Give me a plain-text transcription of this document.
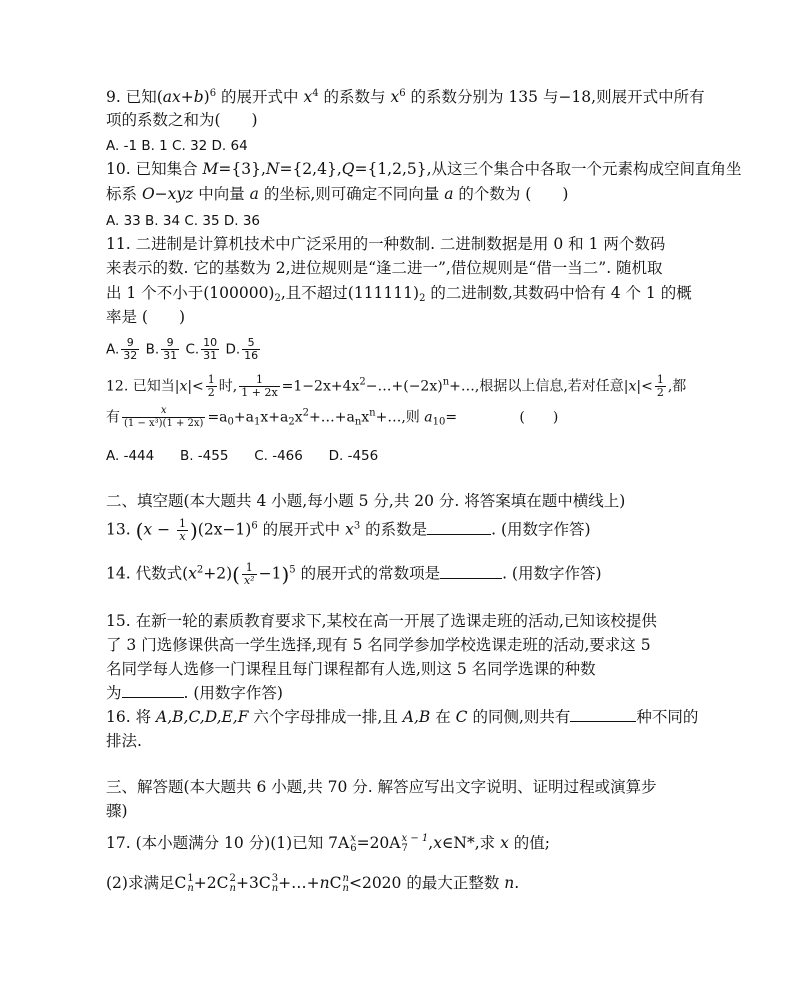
9. 已知$(ax+b)^6$ 的展开式中 $x^4$ 的系数与 $x^6$ 的系数分别为 135 与−18,则展开式中所有
项的系数之和为(　　)
A. -1 B. 1 C. 32 D. 64
10. 已知集合 M={3},N={2,4},Q={1,2,5},从这三个集合中各取一个元素构成空间直角坐
标系 O−xyz 中向量 a 的坐标,则可确定不同向量 a 的个数为 (　　)
A. 33 B. 34 C. 35 D. 36
11. 二进制是计算机技术中广泛采用的一种数制. 二进制数据是用 0 和 1 两个数码
来表示的数. 它的基数为 2,进位规则是“逢二进一”,借位规则是“借一当二”. 随机取
出 1 个不小于$(100000)_2$,且不超过$(111111)_2$ 的二进制数,其数码中恰有 4 个 1 的概
率是 (　　)
A. $\frac{9}{32} B$. $\frac{9}{31} C$. $\frac{10}{31} D$. $\frac{5}{16}$
12. 已知当$|x|< \frac{1}{2}$ 时, $\frac{1}{1 + 2x}$ $=1-2x+4x^2-\dots+(-2x)^n+\dots$,根据以上信息,若对任意$|x|< \frac{1}{2}$ ,都
有 $\frac{x}{\text{(1 − x³)(1 + 2x)}}$ $=a_0+a_1x+a_2x^2+\dots+a_nx^n+\dots$,则 $a_{10}=$              (　　)
A. -444      B. -455      C. -466      D. -456
二、填空题(本大题共 4 小题,每小题 5 分,共 20 分. 将答案填在题中横线上)
13. $(x - \frac{1}{x} )(2x-1)^6$ 的展开式中 $x^3$ 的系数是	. (用数字作答)
14. 代数式$(x^2+2)( \frac{1}{\text{x²}} -1)^5$ 的展开式的常数项是	. (用数字作答)
15. 在新一轮的素质教育要求下,某校在高一开展了选课走班的活动,已知该校提供
了 3 门选修课供高一学生选择,现有 5 名同学参加学校选课走班的活动,要求这 5
名同学每人选修一门课程且每门课程都有人选,则这 5 名同学选课的种数
为	. (用数字作答)
16. 将 A,B,C,D,E,F 六个字母排成一排,且 A,B 在 C 的同侧,则共有	种不同的
排法.
三、解答题(本大题共 6 小题,共 70 分. 解答应写出文字说明、证明过程或演算步
骤)
17. (本小题满分 10 分)(1)已知 7A x
6 =20A x − 1
7	,x∈N*,求 x 的值;
(2)求满足C 1
n +2C 2
n +3C 3
n +…+nC n
n <2020 的最大正整数 n.
